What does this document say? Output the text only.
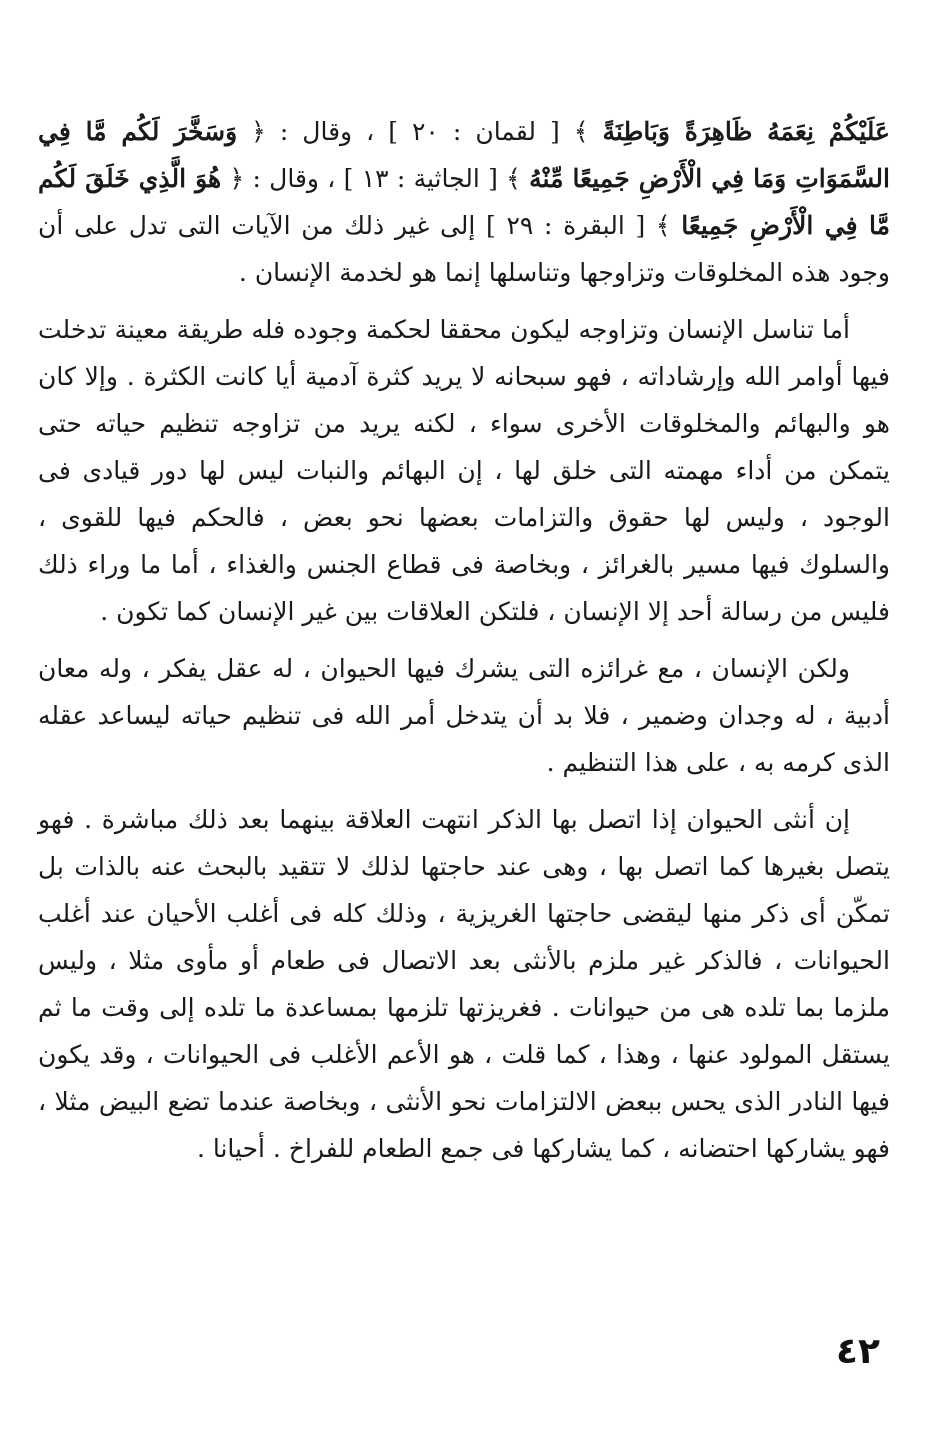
عَلَيْكُمْ نِعَمَهُ ظَاهِرَةً وَبَاطِنَةً ﴾ [ لقمان : ٢٠ ] ، وقال : ﴿ وَسَخَّرَ لَكُم مَّا فِي السَّمَوَاتِ وَمَا فِي الْأَرْضِ جَمِيعًا مِّنْهُ ﴾ [ الجاثية : ١٣ ] ، وقال : ﴿ هُوَ الَّذِي خَلَقَ لَكُم مَّا فِي الْأَرْضِ جَمِيعًا ﴾ [ البقرة : ٢٩ ] إلى غير ذلك من الآيات التى تدل على أن وجود هذه المخلوقات وتزاوجها وتناسلها إنما هو لخدمة الإنسان .

أما تناسل الإنسان وتزاوجه ليكون محققا لحكمة وجوده فله طريقة معينة تدخلت فيها أوامر الله وإرشاداته ، فهو سبحانه لا يريد كثرة آدمية أيا كانت الكثرة . وإلا كان هو والبهائم والمخلوقات الأخرى سواء ، لكنه يريد من تزاوجه تنظيم حياته حتى يتمكن من أداء مهمته التى خلق لها ، إن البهائم والنبات ليس لها دور قيادى فى الوجود ، وليس لها حقوق والتزامات بعضها نحو بعض ، فالحكم فيها للقوى ، والسلوك فيها مسير بالغرائز ، وبخاصة فى قطاع الجنس والغذاء ، أما ما وراء ذلك فليس من رسالة أحد إلا الإنسان ، فلتكن العلاقات بين غير الإنسان كما تكون .

ولكن الإنسان ، مع غرائزه التى يشرك فيها الحيوان ، له عقل يفكر ، وله معان أدبية ، له وجدان وضمير ، فلا بد أن يتدخل أمر الله فى تنظيم حياته ليساعد عقله الذى كرمه به ، على هذا التنظيم .

إن أنثى الحيوان إذا اتصل بها الذكر انتهت العلاقة بينهما بعد ذلك مباشرة . فهو يتصل بغيرها كما اتصل بها ، وهى عند حاجتها لذلك لا تتقيد بالبحث عنه بالذات بل تمكّن أى ذكر منها ليقضى حاجتها الغريزية ، وذلك كله فى أغلب الأحيان عند أغلب الحيوانات ، فالذكر غير ملزم بالأنثى بعد الاتصال فى طعام أو مأوى مثلا ، وليس ملزما بما تلده هى من حيوانات . فغريزتها تلزمها بمساعدة ما تلده إلى وقت ما ثم يستقل المولود عنها ، وهذا ، كما قلت ، هو الأعم الأغلب فى الحيوانات ، وقد يكون فيها النادر الذى يحس ببعض الالتزامات نحو الأنثى ، وبخاصة عندما تضع البيض مثلا ، فهو يشاركها احتضانه ، كما يشاركها فى جمع الطعام للفراخ . أحيانا .

٤٢
